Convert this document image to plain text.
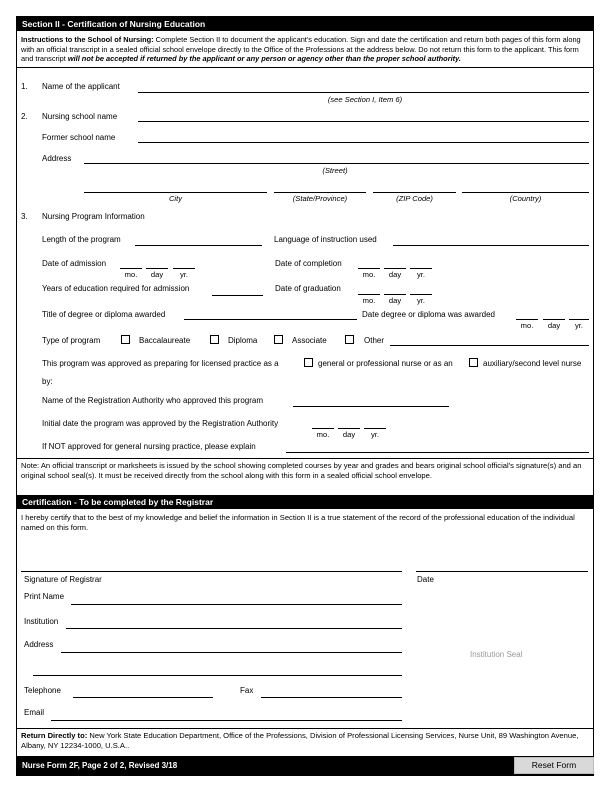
Section II - Certification of Nursing Education
Instructions to the School of Nursing: Complete Section II to document the applicant's education. Sign and date the certification and return both pages of this form along with an official transcript in a sealed official school envelope directly to the Office of the Professions at the address below. Do not return this form to the applicant. This form and transcript will not be accepted if returned by the applicant or any person or agency other than the proper school authority.
1. Name of the applicant
(see Section I, Item 6)
2. Nursing school name
Former school name
Address
(Street)
City	(State/Province)	(ZIP Code)	(Country)
3. Nursing Program Information
Length of the program	Language of instruction used
Date of admission
mo.	day	yr.
Date of completion
mo.	day	yr.
Years of education required for admission	Date of graduation
mo.	day	yr.
Title of degree or diploma awarded	Date degree or diploma was awarded
mo.	day	yr.
Type of program	Baccalaureate	Diploma	Associate	Other
This program was approved as preparing for licensed practice as a	general or professional nurse or as an	auxiliary/second level nurse
by:
Name of the Registration Authority who approved this program
Initial date the program was approved by the Registration Authority
mo.	day	yr.
If NOT approved for general nursing practice, please explain
Note: An official transcript or marksheets is issued by the school showing completed courses by year and grades and bears original school official's signature(s) and an original school seal(s). It must be received directly from the school along with this form in a sealed official school envelope.
Certification - To be completed by the Registrar
I hereby certify that to the best of my knowledge and belief the information in Section II is a true statement of the record of the professional education of the individual named on this form.
Signature of Registrar	Date
Print Name
Institution
Address
Institution Seal
Telephone	Fax
Email
Return Directly to: New York State Education Department, Office of the Professions, Division of Professional Licensing Services, Nurse Unit, 89 Washington Avenue, Albany, NY 12234-1000, U.S.A..
Nurse Form 2F, Page 2 of 2, Revised 3/18	Reset Form
